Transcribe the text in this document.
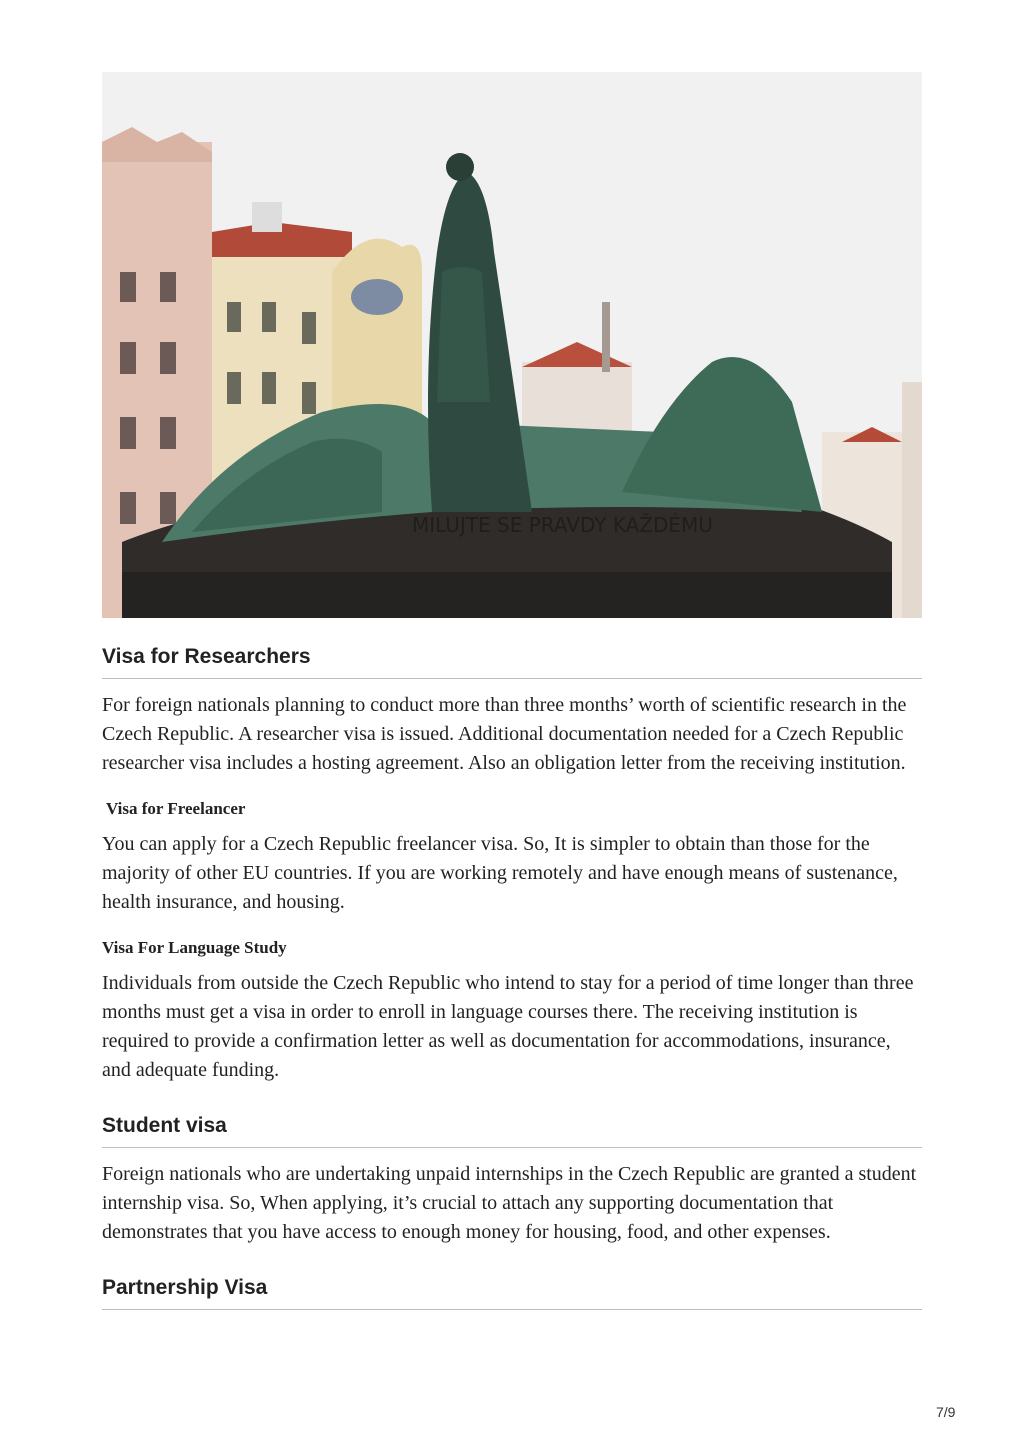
MILUJTE SE PRAVDY KAŽDÉMU
Visa for Researchers

For foreign nationals planning to conduct more than three months’ worth of scientific research in the Czech Republic. A researcher visa is issued. Additional documentation needed for a Czech Republic researcher visa includes a hosting agreement. Also an obligation letter from the receiving institution.

Visa for Freelancer

You can apply for a Czech Republic freelancer visa. So, It is simpler to obtain than those for the majority of other EU countries. If you are working remotely and have enough means of sustenance, health insurance, and housing.

Visa For Language Study

Individuals from outside the Czech Republic who intend to stay for a period of time longer than three months must get a visa in order to enroll in language courses there. The receiving institution is required to provide a confirmation letter as well as documentation for accommodations, insurance, and adequate funding.

Student visa

Foreign nationals who are undertaking unpaid internships in the Czech Republic are granted a student internship visa. So, When applying, it’s crucial to attach any supporting documentation that demonstrates that you have access to enough money for housing, food, and other expenses.

Partnership Visa
7/9
